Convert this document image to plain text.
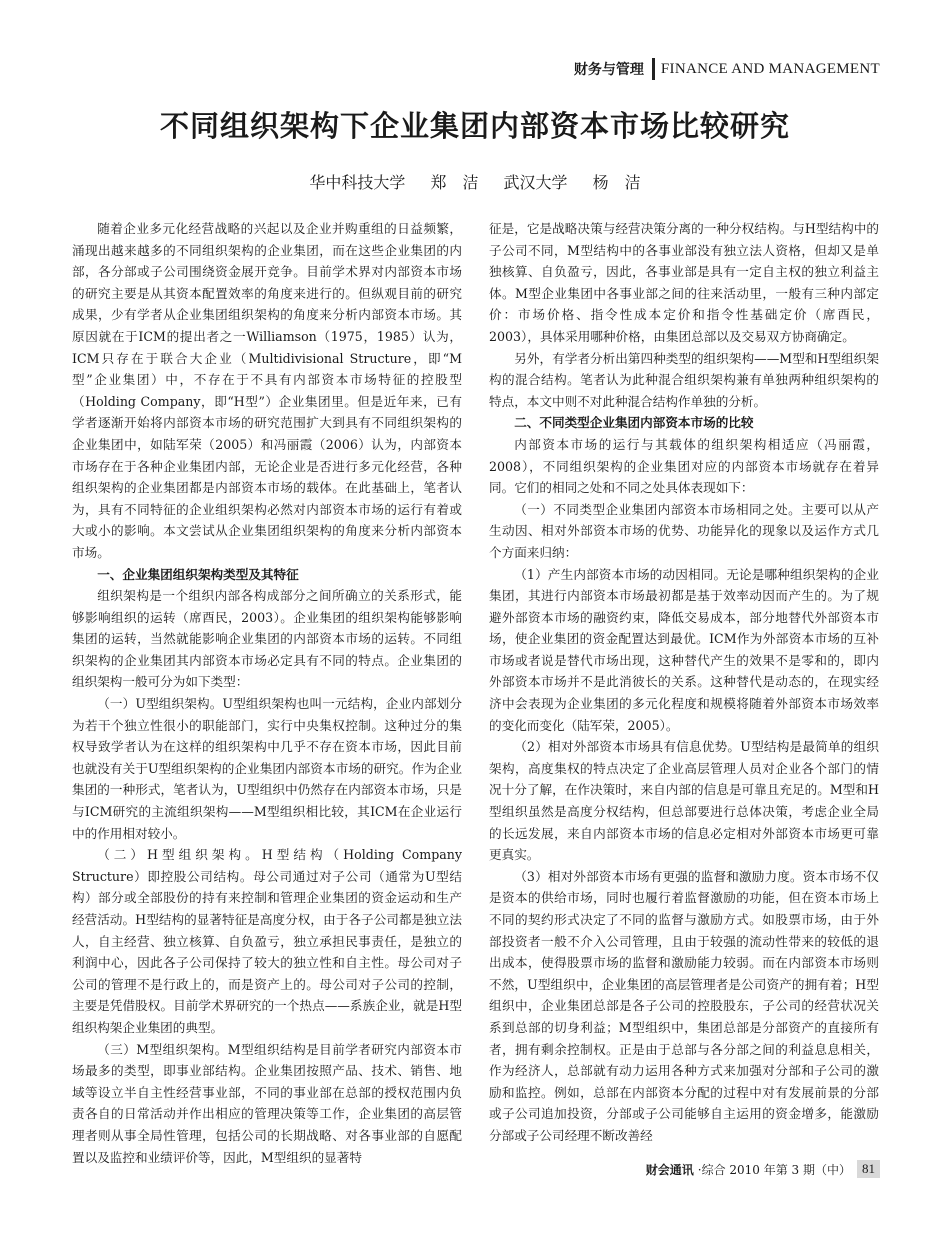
财务与管理 FINANCE AND MANAGEMENT
不同组织架构下企业集团内部资本市场比较研究
华中科技大学 郑　洁 武汉大学 杨　洁

随着企业多元化经营战略的兴起以及企业并购重组的日益频繁，涌现出越来越多的不同组织架构的企业集团，而在这些企业集团的内部，各分部或子公司围绕资金展开竞争。目前学术界对内部资本市场的研究主要是从其资本配置效率的角度来进行的。但纵观目前的研究成果，少有学者从企业集团组织架构的角度来分析内部资本市场。其原因就在于ICM的提出者之一Williamson（1975，1985）认为，ICM只存在于联合大企业（Multidivisional Structure，即“M型”企业集团）中，不存在于不具有内部资本市场特征的控股型（Holding Company，即“H型”）企业集团里。但是近年来，已有学者逐渐开始将内部资本市场的研究范围扩大到具有不同组织架构的企业集团中，如陆军荣（2005）和冯丽霞（2006）认为，内部资本市场存在于各种企业集团内部，无论企业是否进行多元化经营，各种组织架构的企业集团都是内部资本市场的载体。在此基础上，笔者认为，具有不同特征的企业组织架构必然对内部资本市场的运行有着或大或小的影响。本文尝试从企业集团组织架构的角度来分析内部资本市场。

一、企业集团组织架构类型及其特征

组织架构是一个组织内部各构成部分之间所确立的关系形式，能够影响组织的运转（席酉民，2003）。企业集团的组织架构能够影响集团的运转，当然就能影响企业集团的内部资本市场的运转。不同组织架构的企业集团其内部资本市场必定具有不同的特点。企业集团的组织架构一般可分为如下类型：

（一）U型组织架构。U型组织架构也叫一元结构，企业内部划分为若干个独立性很小的职能部门，实行中央集权控制。这种过分的集权导致学者认为在这样的组织架构中几乎不存在资本市场，因此目前也就没有关于U型组织架构的企业集团内部资本市场的研究。作为企业集团的一种形式，笔者认为，U型组织中仍然存在内部资本市场，只是与ICM研究的主流组织架构——M型组织相比较，其ICM在企业运行中的作用相对较小。

（二）H型组织架构。H型结构（Holding Company Structure）即控股公司结构。母公司通过对子公司（通常为U型结构）部分或全部股份的持有来控制和管理企业集团的资金运动和生产经营活动。H型结构的显著特征是高度分权，由于各子公司都是独立法人，自主经营、独立核算、自负盈亏，独立承担民事责任，是独立的利润中心，因此各子公司保持了较大的独立性和自主性。母公司对子公司的管理不是行政上的，而是资产上的。母公司对子公司的控制，主要是凭借股权。目前学术界研究的一个热点——系族企业，就是H型组织构架企业集团的典型。

（三）M型组织架构。M型组织结构是目前学者研究内部资本市场最多的类型，即事业部结构。企业集团按照产品、技术、销售、地域等设立半自主性经营事业部，不同的事业部在总部的授权范围内负责各自的日常活动并作出相应的管理决策等工作，企业集团的高层管理者则从事全局性管理，包括公司的长期战略、对各事业部的自愿配置以及监控和业绩评价等，因此，M型组织的显著特

征是，它是战略决策与经营决策分离的一种分权结构。与H型结构中的子公司不同，M型结构中的各事业部没有独立法人资格，但却又是单独核算、自负盈亏，因此，各事业部是具有一定自主权的独立利益主体。M型企业集团中各事业部之间的往来活动里，一般有三种内部定价：市场价格、指令性成本定价和指令性基础定价（席酉民，2003），具体采用哪种价格，由集团总部以及交易双方协商确定。

另外，有学者分析出第四种类型的组织架构——M型和H型组织架构的混合结构。笔者认为此种混合组织架构兼有单独两种组织架构的特点，本文中则不对此种混合结构作单独的分析。

二、不同类型企业集团内部资本市场的比较

内部资本市场的运行与其载体的组织架构相适应（冯丽霞，2008），不同组织架构的企业集团对应的内部资本市场就存在着异同。它们的相同之处和不同之处具体表现如下：

（一）不同类型企业集团内部资本市场相同之处。主要可以从产生动因、相对外部资本市场的优势、功能异化的现象以及运作方式几个方面来归纳：

（1）产生内部资本市场的动因相同。无论是哪种组织架构的企业集团，其进行内部资本市场最初都是基于效率动因而产生的。为了规避外部资本市场的融资约束，降低交易成本，部分地替代外部资本市场，使企业集团的资金配置达到最优。ICM作为外部资本市场的互补市场或者说是替代市场出现，这种替代产生的效果不是零和的，即内外部资本市场并不是此消彼长的关系。这种替代是动态的，在现实经济中会表现为企业集团的多元化程度和规模将随着外部资本市场效率的变化而变化（陆军荣，2005）。

（2）相对外部资本市场具有信息优势。U型结构是最简单的组织架构，高度集权的特点决定了企业高层管理人员对企业各个部门的情况十分了解，在作决策时，来自内部的信息是可靠且充足的。M型和H型组织虽然是高度分权结构，但总部要进行总体决策，考虑企业全局的长远发展，来自内部资本市场的信息必定相对外部资本市场更可靠更真实。

（3）相对外部资本市场有更强的监督和激励力度。资本市场不仅是资本的供给市场，同时也履行着监督激励的功能，但在资本市场上不同的契约形式决定了不同的监督与激励方式。如股票市场，由于外部投资者一般不介入公司管理，且由于较强的流动性带来的较低的退出成本，使得股票市场的监督和激励能力较弱。而在内部资本市场则不然，U型组织中，企业集团的高层管理者是公司资产的拥有着；H型组织中，企业集团总部是各子公司的控股股东，子公司的经营状况关系到总部的切身利益；M型组织中，集团总部是分部资产的直接所有者，拥有剩余控制权。正是由于总部与各分部之间的利益息息相关，作为经济人，总部就有动力运用各种方式来加强对分部和子公司的激励和监控。例如，总部在内部资本分配的过程中对有发展前景的分部或子公司追加投资，分部或子公司能够自主运用的资金增多，能激励分部或子公司经理不断改善经

财会通讯 ·综合 2010 年第 3 期（中） 81
